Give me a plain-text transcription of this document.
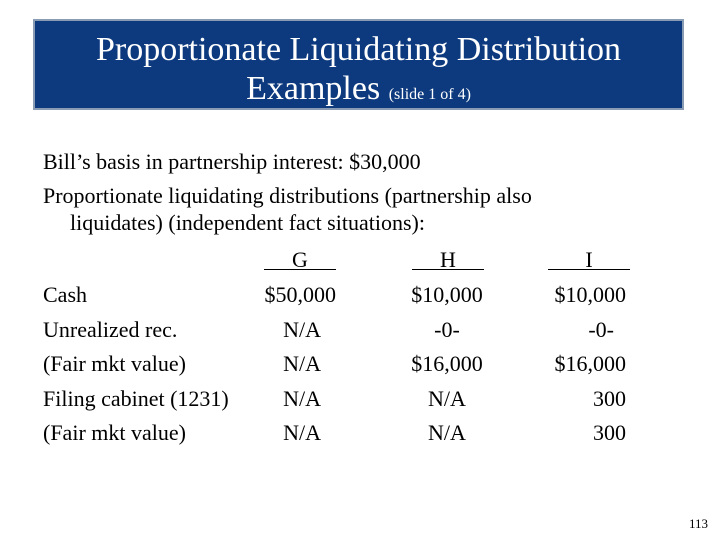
Proportionate Liquidating Distribution
Examples (slide 1 of 4)
Bill’s basis in partnership interest: $30,000
Proportionate liquidating distributions (partnership also
liquidates) (independent fact situations):
G	H	I
Cash
Unrealized rec.
(Fair mkt value)
Filing cabinet (1231)
(Fair mkt value)
$50,000
N/A
N/A
N/A
N/A
$10,000
-0-
$16,000
N/A
N/A
$10,000
-0-
$16,000
300
300
113
